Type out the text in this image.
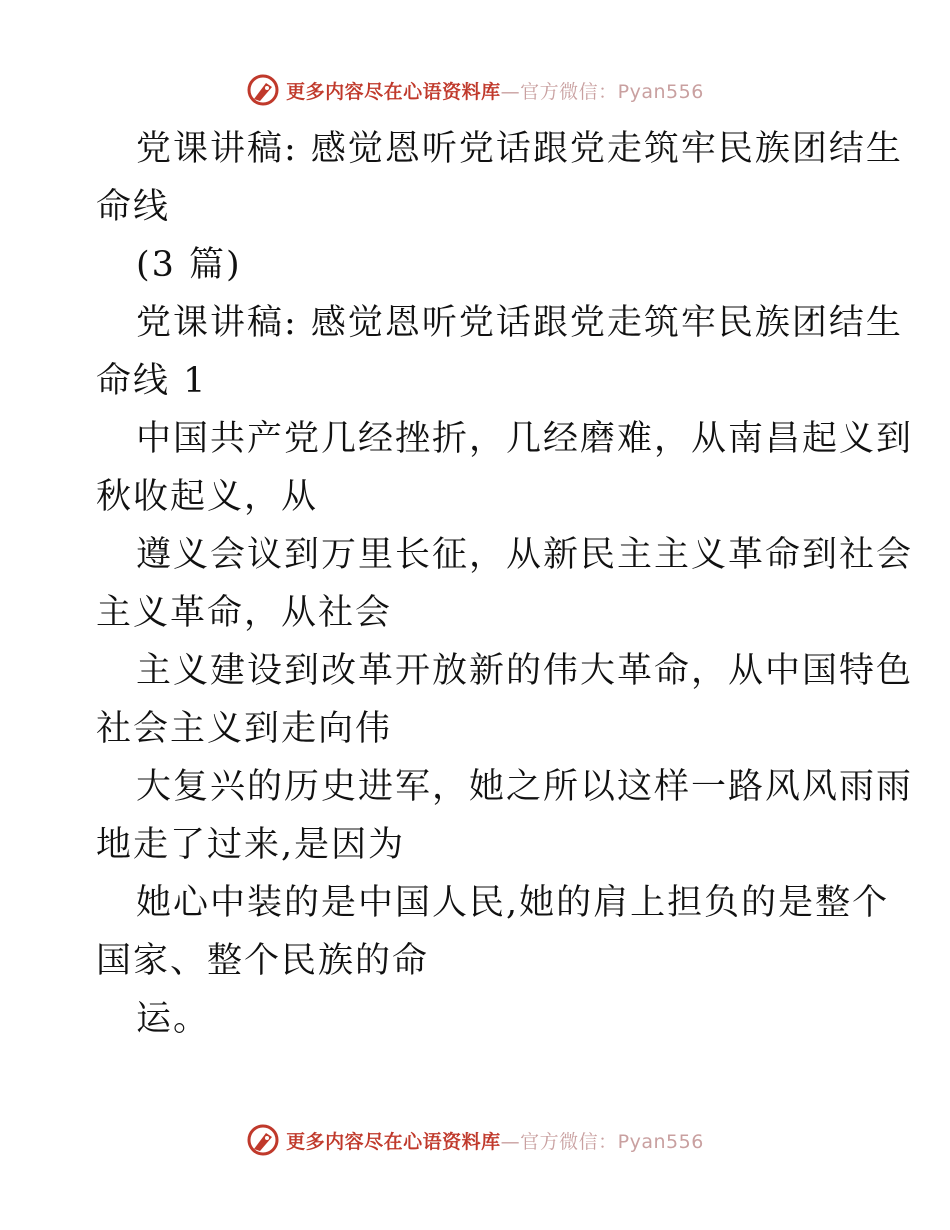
更多内容尽在心语资料库—官方微信：Pyan556
党课讲稿: 感觉恩听党话跟党走筑牢民族团结生
命线
(3 篇)
党课讲稿: 感觉恩听党话跟党走筑牢民族团结生
命线 1
中国共产党几经挫折，几经磨难，从南昌起义到
秋收起义，从
遵义会议到万里长征，从新民主主义革命到社会
主义革命，从社会
主义建设到改革开放新的伟大革命，从中国特色
社会主义到走向伟
大复兴的历史进军，她之所以这样一路风风雨雨
地走了过来,是因为
她心中装的是中国人民,她的肩上担负的是整个
国家、整个民族的命
运。
更多内容尽在心语资料库—官方微信：Pyan556
